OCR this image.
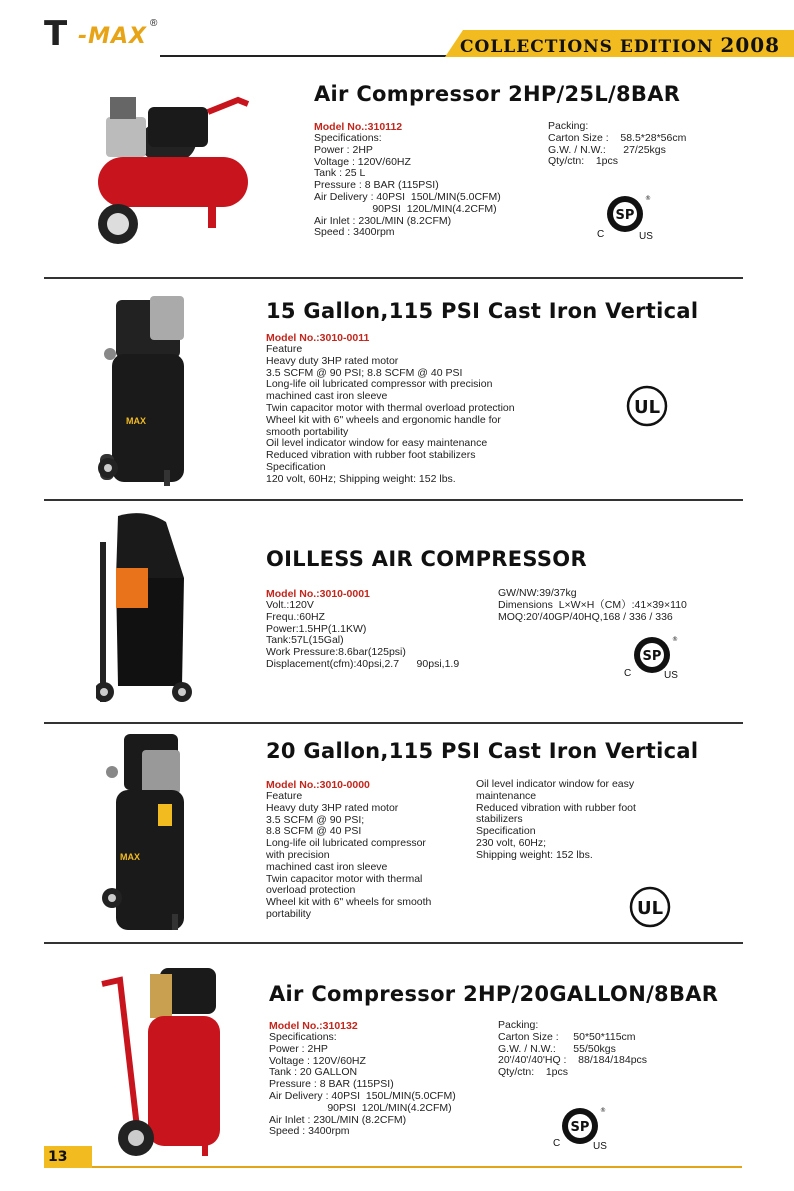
T -MAX
®
COLLECTIONS EDITION 2008
Air Compressor 2HP/25L/8BAR
Model No.:310112

Specifications:

Power : 2HP

Voltage : 120V/60HZ

Tank : 25 L

Pressure : 8 BAR (115PSI)

Air Delivery : 40PSI  150L/MIN(5.0CFM)

90PSI  120L/MIN(4.2CFM)

Air Inlet : 230L/MIN (8.2CFM)

Speed : 3400rpm

Packing:

Carton Size :    58.5*28*56cm

G.W. / N.W.:      27/25kgs

Qty/ctn:    1pcs

SP
®
C	US
MAX
15 Gallon,115 PSI Cast Iron Vertical
Model No.:3010-0011

Feature

Heavy duty 3HP rated motor

3.5 SCFM @ 90 PSI; 8.8 SCFM @ 40 PSI

Long-life oil lubricated compressor with precision

machined cast iron sleeve

Twin capacitor motor with thermal overload protection

Wheel kit with 6" wheels and ergonomic handle for

smooth portability

Oil level indicator window for easy maintenance

Reduced vibration with rubber foot stabilizers

Specification

120 volt, 60Hz; Shipping weight: 152 lbs.

UL
OILLESS AIR COMPRESSOR
Model No.:3010-0001

Volt.:120V

Frequ.:60HZ

Power:1.5HP(1.1KW)

Tank:57L(15Gal)

Work Pressure:8.6bar(125psi)

Displacement(cfm):40psi,2.7      90psi,1.9

GW/NW:39/37kg

Dimensions  L×W×H（CM）:41×39×110

MOQ:20'/40GP/40HQ,168 / 336 / 336

SP
®
C	US
MAX
20 Gallon,115 PSI Cast Iron Vertical
Model No.:3010-0000

Feature

Heavy duty 3HP rated motor

3.5 SCFM @ 90 PSI;

8.8 SCFM @ 40 PSI

Long-life oil lubricated compressor

with precision

machined cast iron sleeve

Twin capacitor motor with thermal

overload protection

Wheel kit with 6" wheels for smooth

portability

Oil level indicator window for easy

maintenance

Reduced vibration with rubber foot

stabilizers

Specification

230 volt, 60Hz;

Shipping weight: 152 lbs.

UL
Air Compressor 2HP/20GALLON/8BAR
Model No.:310132

Specifications:

Power : 2HP

Voltage : 120V/60HZ

Tank : 20 GALLON

Pressure : 8 BAR (115PSI)

Air Delivery : 40PSI  150L/MIN(5.0CFM)

90PSI  120L/MIN(4.2CFM)

Air Inlet : 230L/MIN (8.2CFM)

Speed : 3400rpm

Packing:

Carton Size :     50*50*115cm

G.W. / N.W.:      55/50kgs

20'/40'/40'HQ :    88/184/184pcs

Qty/ctn:    1pcs

SP
®
C	US
13
